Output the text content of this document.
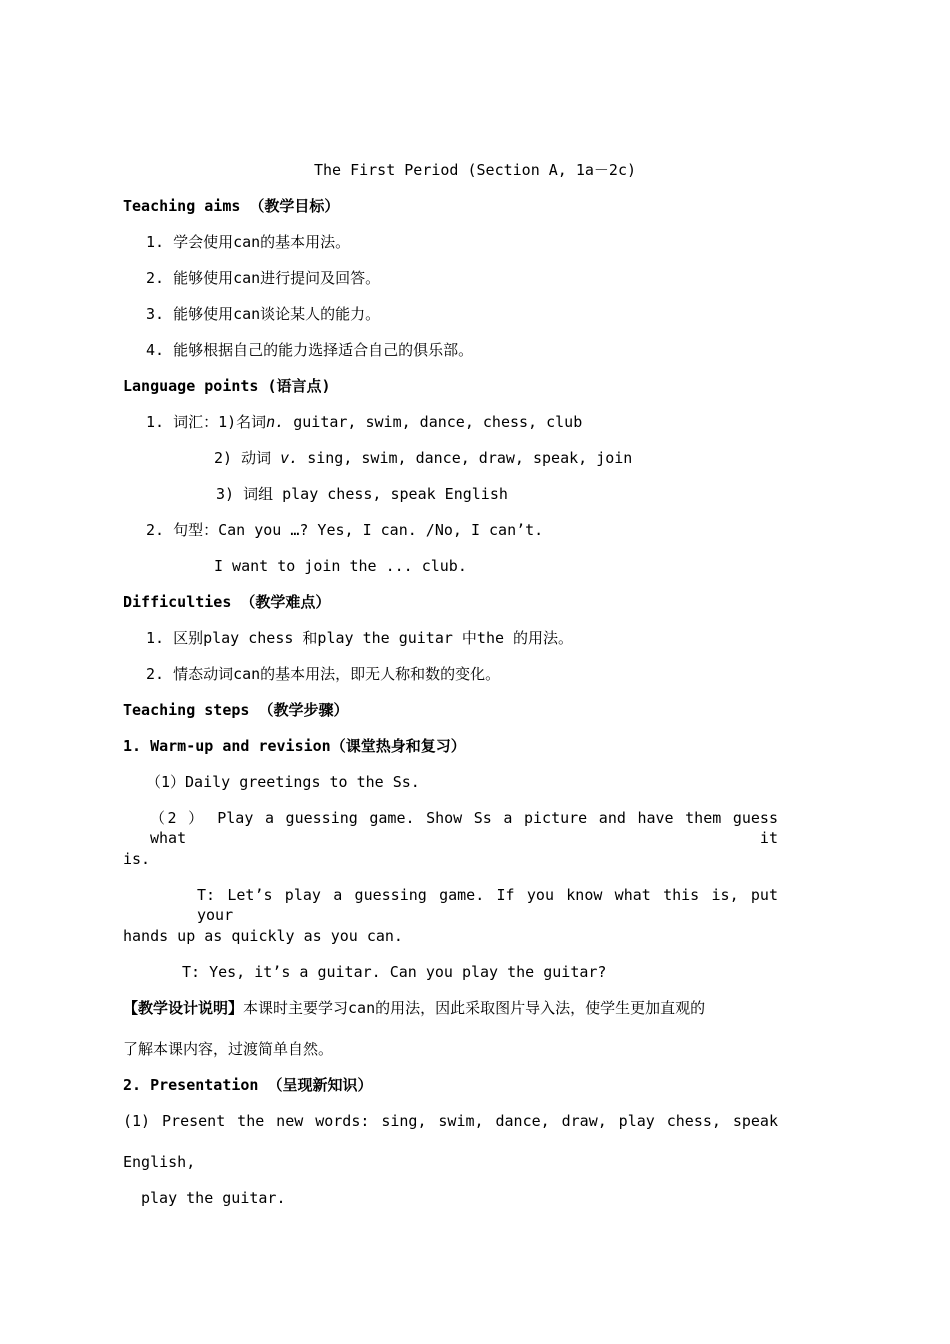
The First Period (Section A, 1a－2c)
Teaching aims （教学目标）
1. 学会使用can的基本用法。
2. 能够使用can进行提问及回答。
3. 能够使用can谈论某人的能力。
4. 能够根据自己的能力选择适合自己的俱乐部。
Language points (语言点)
1. 词汇：1)名词n. guitar, swim, dance, chess, club
2) 动词 v. sing, swim, dance, draw, speak, join
3) 词组 play chess, speak English
2. 句型：Can you …? Yes, I can. /No, I can’t.
I want to join the ... club.
Difficulties （教学难点）
1. 区别play chess 和play the guitar 中the 的用法。
2. 情态动词can的基本用法，即无人称和数的变化。
Teaching steps （教学步骤）
1. Warm-up and revision（课堂热身和复习）
（1）Daily greetings to the Ss.
（2 ） Play a guessing game. Show Ss a picture and have them guess what it
is.
T: Let’s play a guessing game. If you know what this is, put your
hands up as quickly as you can.
T: Yes, it’s a guitar. Can you play the guitar?
【教学设计说明】本课时主要学习can的用法，因此采取图片导入法，使学生更加直观的
了解本课内容，过渡简单自然。
2. Presentation （呈现新知识）
(1) Present the new words: sing, swim, dance, draw, play chess, speak
English,
play the guitar.
